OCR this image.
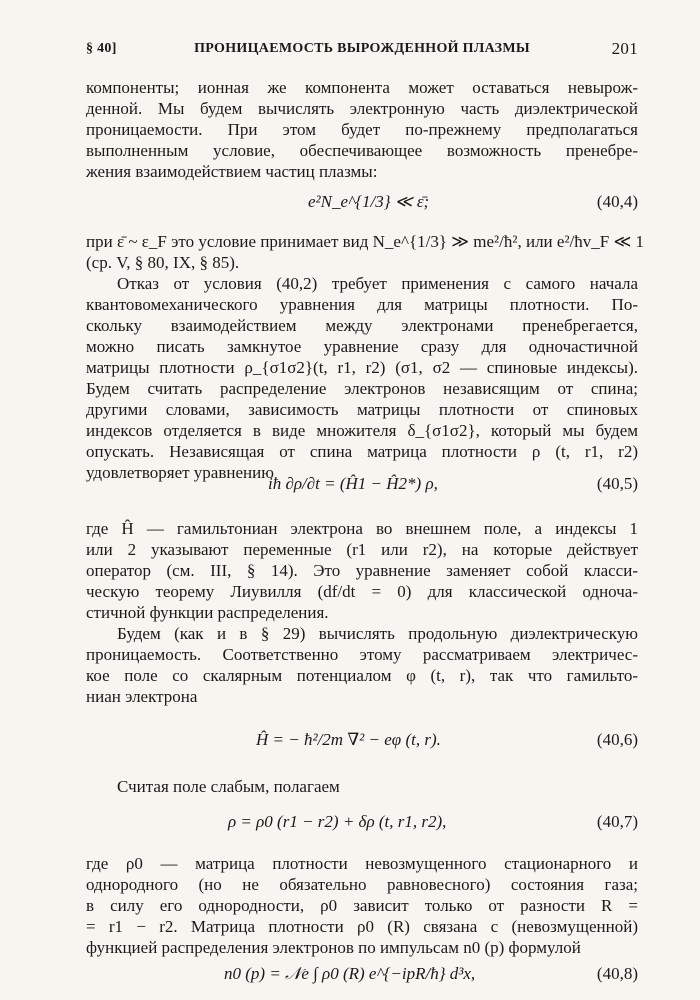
§ 40]	ПРОНИЦАЕМОСТЬ ВЫРОЖДЕННОЙ ПЛАЗМЫ	201
компоненты; ионная же компонента может оставаться невырож-
денной. Мы будем вычислять электронную часть диэлектрической
проницаемости. При этом будет по-прежнему предполагаться
выполненным условие, обеспечивающее возможность пренебре-
жения взаимодействием частиц плазмы:
e²N_e^{1/3} ≪ ε̄;	(40,4)
при ε̄ ~ ε_F это условие принимает вид N_e^{1/3} ≫ me²/ħ², или e²/ħv_F ≪ 1
(ср. V, § 80, IX, § 85).
Отказ от условия (40,2) требует применения с самого начала
квантовомеханического уравнения для матрицы плотности. По-
скольку взаимодействием между электронами пренебрегается,
можно писать замкнутое уравнение сразу для одночастичной
матрицы плотности ρ_{σ1σ2}(t, r1, r2) (σ1, σ2 — спиновые индексы).
Будем считать распределение электронов независящим от спина;
другими словами, зависимость матрицы плотности от спиновых
индексов отделяется в виде множителя δ_{σ1σ2}, который мы будем
опускать. Независящая от спина матрица плотности ρ (t, r1, r2)
удовлетворяет уравнению
iħ ∂ρ/∂t = (Ĥ1 − Ĥ2*) ρ,	(40,5)
где Ĥ — гамильтониан электрона во внешнем поле, а индексы 1
или 2 указывают переменные (r1 или r2), на которые действует
оператор (см. III, § 14). Это уравнение заменяет собой класси-
ческую теорему Лиувилля (df/dt = 0) для классической одноча-
стичной функции распределения.
Будем (как и в § 29) вычислять продольную диэлектрическую
проницаемость. Соответственно этому рассматриваем электричес-
кое поле со скалярным потенциалом φ (t, r), так что гамильто-
ниан электрона
Ĥ = − ħ²/2m ∇² − eφ (t, r).	(40,6)
Считая поле слабым, полагаем
ρ = ρ0 (r1 − r2) + δρ (t, r1, r2),	(40,7)
где ρ0 — матрица плотности невозмущенного стационарного и
однородного (но не обязательно равновесного) состояния газа;
в силу его однородности, ρ0 зависит только от разности R =
= r1 − r2. Матрица плотности ρ0 (R) связана с (невозмущенной)
функцией распределения электронов по импульсам n0 (p) формулой
n0 (p) = 𝒩e ∫ ρ0 (R) e^{−ipR/ħ} d³x,	(40,8)
